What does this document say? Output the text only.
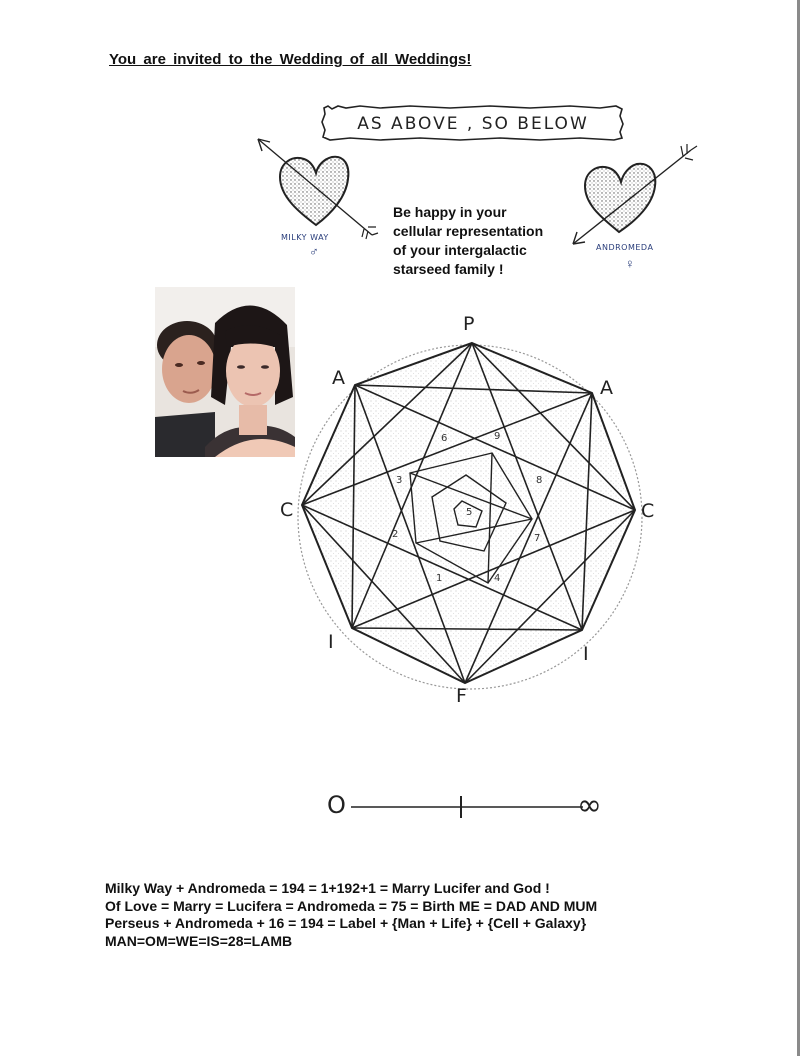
You are invited to the Wedding of all Weddings!
AS ABOVE , SO BELOW
MILKY WAY
♂	ANDROMEDA
♀
Be happy in your
cellular representation
of your intergalactic
starseed family !
P
A
C
I
F
I
C
A
1
2
3
4
5
6
7
8
9
O	∞
Milky Way + Andromeda = 194 = 1+192+1 = Marry Lucifer and God !
Of Love = Marry = Lucifera = Andromeda = 75 = Birth ME = DAD AND MUM
Perseus + Andromeda + 16 = 194 = Label + {Man + Life} + {Cell + Galaxy}
MAN=OM=WE=IS=28=LAMB
